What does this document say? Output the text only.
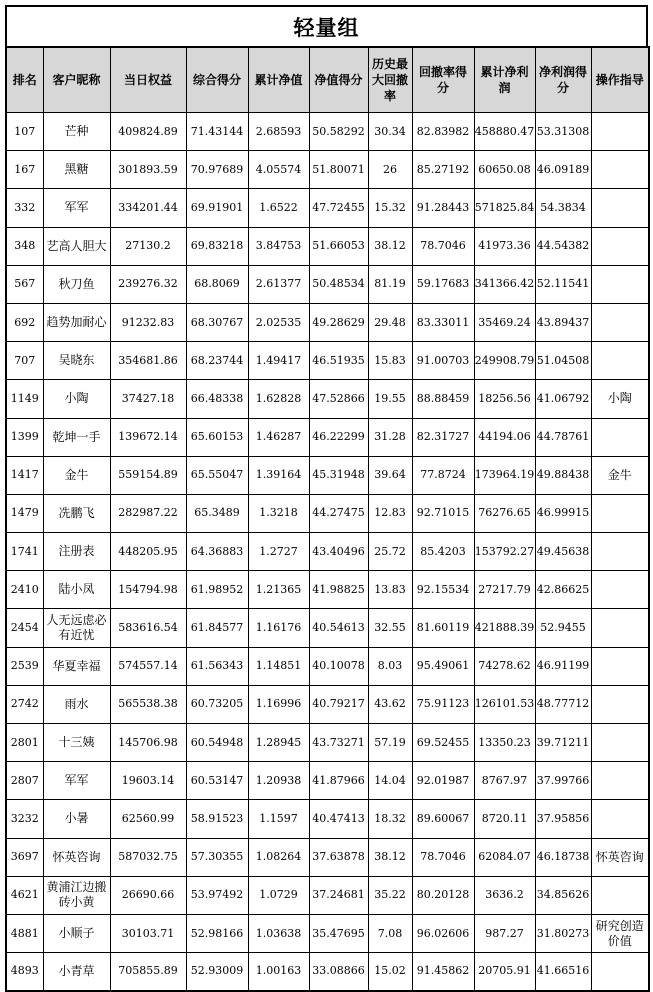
轻量组
排名	客户昵称	当日权益	综合得分	累计净值	净值得分	历史最大回撤率	回撤率得分	累计净利润	净利润得分	操作指导

107	芒种	409824.89	71.43144	2.68593	50.58292	30.34	82.83982	458880.47	53.31308	

167	黑糖	301893.59	70.97689	4.05574	51.80071	26	85.27192	60650.08	46.09189	

332	军军	334201.44	69.91901	1.6522	47.72455	15.32	91.28443	571825.84	54.3834	

348	艺高人胆大	27130.2	69.83218	3.84753	51.66053	38.12	78.7046	41973.36	44.54382	

567	秋刀鱼	239276.32	68.8069	2.61377	50.48534	81.19	59.17683	341366.42	52.11541	

692	趋势加耐心	91232.83	68.30767	2.02535	49.28629	29.48	83.33011	35469.24	43.89437	

707	吴晓东	354681.86	68.23744	1.49417	46.51935	15.83	91.00703	249908.79	51.04508	

1149	小陶	37427.18	66.48338	1.62828	47.52866	19.55	88.88459	18256.56	41.06792	小陶

1399	乾坤一手	139672.14	65.60153	1.46287	46.22299	31.28	82.31727	44194.06	44.78761	

1417	金牛	559154.89	65.55047	1.39164	45.31948	39.64	77.8724	173964.19	49.88438	金牛

1479	冼鹏飞	282987.22	65.3489	1.3218	44.27475	12.83	92.71015	76276.65	46.99915	

1741	注册表	448205.95	64.36883	1.2727	43.40496	25.72	85.4203	153792.27	49.45638	

2410	陆小凤	154794.98	61.98952	1.21365	41.98825	13.83	92.15534	27217.79	42.86625	

2454	人无远虑必有近忧	583616.54	61.84577	1.16176	40.54613	32.55	81.60119	421888.39	52.9455	

2539	华夏幸福	574557.14	61.56343	1.14851	40.10078	8.03	95.49061	74278.62	46.91199	

2742	雨水	565538.38	60.73205	1.16996	40.79217	43.62	75.91123	126101.53	48.77712	

2801	十三姨	145706.98	60.54948	1.28945	43.73271	57.19	69.52455	13350.23	39.71211	

2807	军军	19603.14	60.53147	1.20938	41.87966	14.04	92.01987	8767.97	37.99766	

3232	小暑	62560.99	58.91523	1.1597	40.47413	18.32	89.60067	8720.11	37.95856	

3697	怀英咨询	587032.75	57.30355	1.08264	37.63878	38.12	78.7046	62084.07	46.18738	怀英咨询

4621	黄浦江边搬砖小黄	26690.66	53.97492	1.0729	37.24681	35.22	80.20128	3636.2	34.85626	

4881	小顺子	30103.71	52.98166	1.03638	35.47695	7.08	96.02606	987.27	31.80273	研究创造价值

4893	小青草	705855.89	52.93009	1.00163	33.08866	15.02	91.45862	20705.91	41.66516	
